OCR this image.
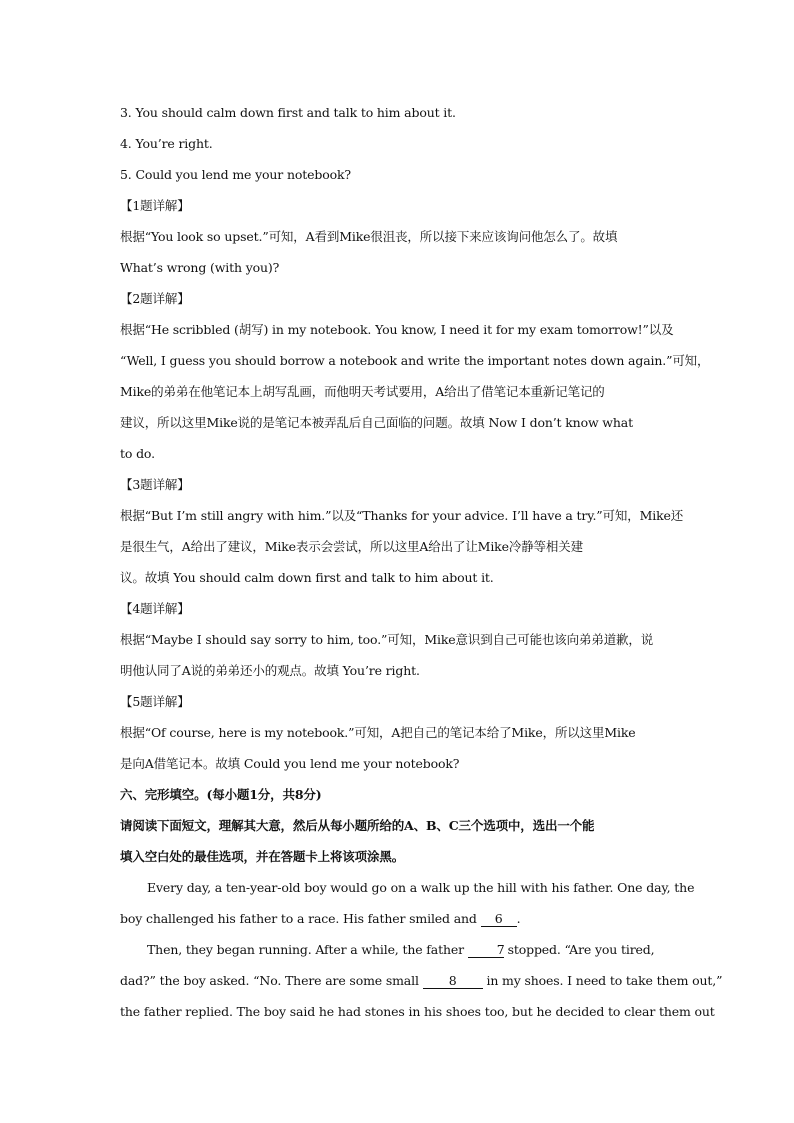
3. You should calm down first and talk to him about it.
4. You’re right.
5. Could you lend me your notebook?
【1题详解】
根据“You look so upset.”可知，A看到Mike很沮丧，所以接下来应该询问他怎么了。故填
What’s wrong (with you)?
【2题详解】
根据“He scribbled (胡写) in my notebook. You know, I need it for my exam tomorrow!”以及
“Well, I guess you should borrow a notebook and write the important notes down again.”可知，
Mike的弟弟在他笔记本上胡写乱画，而他明天考试要用，A给出了借笔记本重新记笔记的
建议，所以这里Mike说的是笔记本被弄乱后自己面临的问题。故填 Now I don’t know what
to do.
【3题详解】
根据“But I’m still angry with him.”以及“Thanks for your advice. I’ll have a try.”可知，Mike还
是很生气，A给出了建议，Mike表示会尝试，所以这里A给出了让Mike冷静等相关建
议。故填 You should calm down first and talk to him about it.
【4题详解】
根据“Maybe I should say sorry to him, too.”可知，Mike意识到自己可能也该向弟弟道歉，说
明他认同了A说的弟弟还小的观点。故填 You’re right.
【5题详解】
根据“Of course, here is my notebook.”可知，A把自己的笔记本给了Mike，所以这里Mike
是向A借笔记本。故填 Could you lend me your notebook?
六、完形填空。(每小题1分，共8分)
请阅读下面短文，理解其大意，然后从每小题所给的A、B、C三个选项中，选出一个能
填入空白处的最佳选项，并在答题卡上将该项涂黑。
Every day, a ten-year-old boy would go on a walk up the hill with his father. One day, the
boy challenged his father to a race. His father smiled and 6 .
Then, they began running. After a while, the father	7 stopped. “Are you tired,
dad?” the boy asked. “No. There are some small 8 in my shoes. I need to take them out,”
the father replied. The boy said he had stones in his shoes too, but he decided to clear them out
